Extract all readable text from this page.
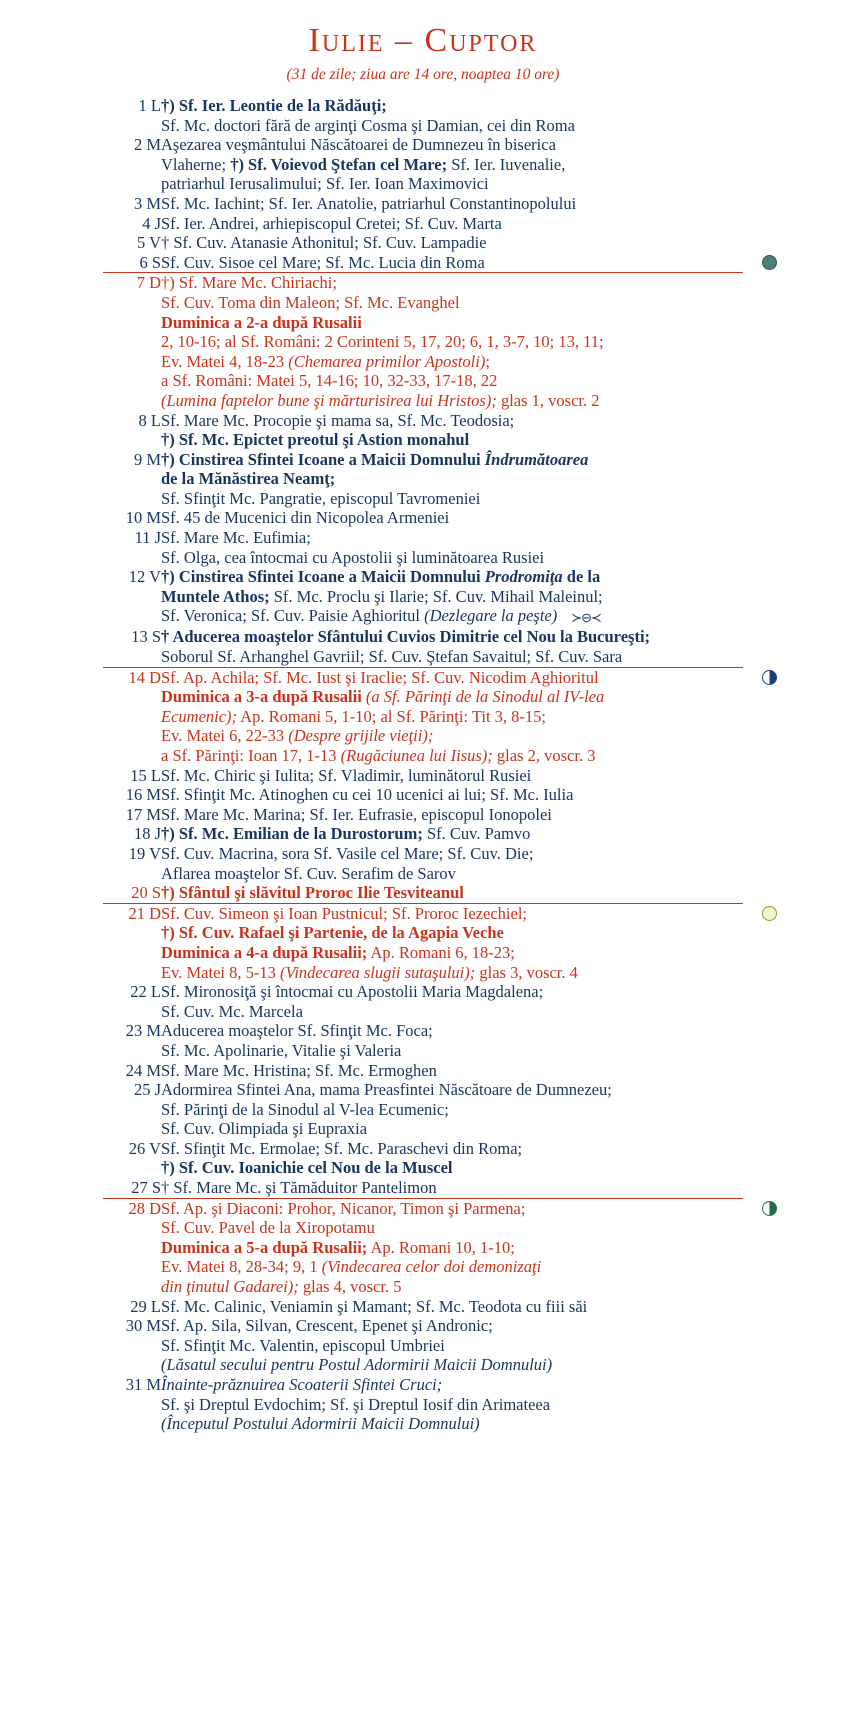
Iulie – Cuptor
(31 de zile; ziua are 14 ore, noaptea 10 ore)
1 L	†) Sf. Ier. Leontie de la Rădăuţi;
Sf. Mc. doctori fără de arginţi Cosma şi Damian, cei din Roma

2 M	Aşezarea veşmântului Născătoarei de Dumnezeu în biserica
Vlaherne; †) Sf. Voievod Ştefan cel Mare; Sf. Ier. Iuvenalie,
patriarhul Ierusalimului; Sf. Ier. Ioan Maximovici

3 M	Sf. Mc. Iachint; Sf. Ier. Anatolie, patriarhul Constantinopolului

4 J	Sf. Ier. Andrei, arhiepiscopul Cretei; Sf. Cuv. Marta

5 V	† Sf. Cuv. Atanasie Athonitul; Sf. Cuv. Lampadie

6 S	Sf. Cuv. Sisoe cel Mare; Sf. Mc. Lucia din Roma

7 D	†) Sf. Mare Mc. Chiriachi;
Sf. Cuv. Toma din Maleon; Sf. Mc. Evanghel
Duminica a 2-a după Rusalii
2, 10-16; al Sf. Români: 2 Corinteni 5, 17, 20; 6, 1, 3-7, 10; 13, 11;
Ev. Matei 4, 18-23 (Chemarea primilor Apostoli);
a Sf. Români: Matei 5, 14-16; 10, 32-33, 17-18, 22
(Lumina faptelor bune şi mărturisirea lui Hristos); glas 1, voscr. 2

8 L	Sf. Mare Mc. Procopie şi mama sa, Sf. Mc. Teodosia;
†) Sf. Mc. Epictet preotul şi Astion monahul

9 M	†) Cinstirea Sfintei Icoane a Maicii Domnului Îndrumătoarea
de la Mănăstirea Neamţ;
Sf. Sfinţit Mc. Pangratie, episcopul Tavromeniei

10 M	Sf. 45 de Mucenici din Nicopolea Armeniei

11 J	Sf. Mare Mc. Eufimia;
Sf. Olga, cea întocmai cu Apostolii şi luminătoarea Rusiei

12 V	†) Cinstirea Sfintei Icoane a Maicii Domnului Prodromiţa de la
Muntele Athos; Sf. Mc. Proclu şi Ilarie; Sf. Cuv. Mihail Maleinul;
Sf. Veronica; Sf. Cuv. Paisie Aghioritul (Dezlegare la peşte) ≻⊖≺

13 S	† Aducerea moaştelor Sfântului Cuvios Dimitrie cel Nou la Bucureşti;
Soborul Sf. Arhanghel Gavriil; Sf. Cuv. Ştefan Savaitul; Sf. Cuv. Sara

14 D	Sf. Ap. Achila; Sf. Mc. Iust şi Iraclie; Sf. Cuv. Nicodim Aghioritul
Duminica a 3-a după Rusalii (a Sf. Părinţi de la Sinodul al IV-lea
Ecumenic); Ap. Romani 5, 1-10; al Sf. Părinţi: Tit 3, 8-15;
Ev. Matei 6, 22-33 (Despre grijile vieţii);
a Sf. Părinţi: Ioan 17, 1-13 (Rugăciunea lui Iisus); glas 2, voscr. 3

15 L	Sf. Mc. Chiric şi Iulita; Sf. Vladimir, luminătorul Rusiei

16 M	Sf. Sfinţit Mc. Atinoghen cu cei 10 ucenici ai lui; Sf. Mc. Iulia

17 M	Sf. Mare Mc. Marina; Sf. Ier. Eufrasie, episcopul Ionopolei

18 J	†) Sf. Mc. Emilian de la Durostorum; Sf. Cuv. Pamvo

19 V	Sf. Cuv. Macrina, sora Sf. Vasile cel Mare; Sf. Cuv. Die;
Aflarea moaştelor Sf. Cuv. Serafim de Sarov

20 S	†) Sfântul şi slăvitul Proroc Ilie Tesviteanul

21 D	Sf. Cuv. Simeon şi Ioan Pustnicul; Sf. Proroc Iezechiel;
†) Sf. Cuv. Rafael şi Partenie, de la Agapia Veche
Duminica a 4-a după Rusalii; Ap. Romani 6, 18-23;
Ev. Matei 8, 5-13 (Vindecarea slugii sutaşului); glas 3, voscr. 4

22 L	Sf. Mironosiţă şi întocmai cu Apostolii Maria Magdalena;
Sf. Cuv. Mc. Marcela

23 M	Aducerea moaştelor Sf. Sfinţit Mc. Foca;
Sf. Mc. Apolinarie, Vitalie şi Valeria

24 M	Sf. Mare Mc. Hristina; Sf. Mc. Ermoghen

25 J	Adormirea Sfintei Ana, mama Preasfintei Născătoare de Dumnezeu;
Sf. Părinţi de la Sinodul al V-lea Ecumenic;
Sf. Cuv. Olimpiada şi Eupraxia

26 V	Sf. Sfinţit Mc. Ermolae; Sf. Mc. Paraschevi din Roma;
†) Sf. Cuv. Ioanichie cel Nou de la Muscel

27 S	† Sf. Mare Mc. şi Tămăduitor Pantelimon

28 D	Sf. Ap. şi Diaconi: Prohor, Nicanor, Timon şi Parmena;
Sf. Cuv. Pavel de la Xiropotamu
Duminica a 5-a după Rusalii; Ap. Romani 10, 1-10;
Ev. Matei 8, 28-34; 9, 1 (Vindecarea celor doi demonizaţi
din ţinutul Gadarei); glas 4, voscr. 5

29 L	Sf. Mc. Calinic, Veniamin şi Mamant; Sf. Mc. Teodota cu fiii săi

30 M	Sf. Ap. Sila, Silvan, Crescent, Epenet şi Andronic;
Sf. Sfinţit Mc. Valentin, episcopul Umbriei
(Lăsatul secului pentru Postul Adormirii Maicii Domnului)

31 M	Înainte-prăznuirea Scoaterii Sfintei Cruci;
Sf. şi Dreptul Evdochim; Sf. şi Dreptul Iosif din Arimateea
(Începutul Postului Adormirii Maicii Domnului)
